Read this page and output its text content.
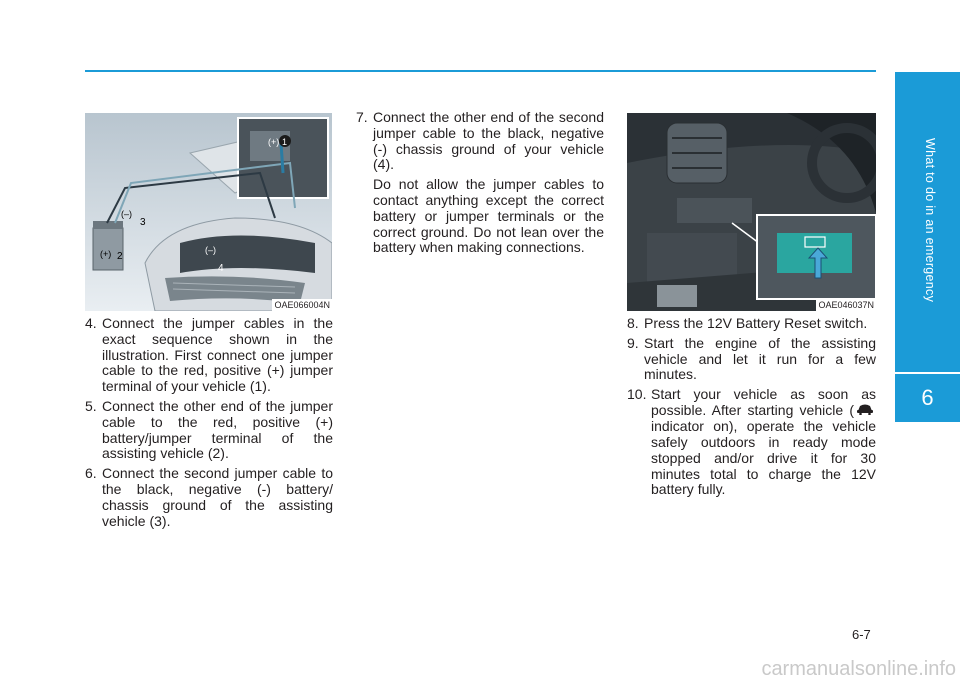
What to do in an emergency
6
1
(+)
(+) 2
(–)
3
(–)
4
OAE066004N	OAE046037N
4. Connect the jumper cables in the exact sequence shown in the illustration. First connect one jumper cable to the red, positive (+) jumper terminal of your vehicle (1).
5. Connect the other end of the jumper cable to the red, positive (+) battery/jumper terminal of the assisting vehicle (2).
6. Connect the second jumper cable to the black, negative (-) battery/ chassis ground of the assisting vehicle (3).
7. Connect the other end of the second jumper cable to the black, negative (-) chassis ground of your vehicle (4).
Do not allow the jumper cables to contact anything except the correct battery or jumper terminals or the correct ground. Do not lean over the battery when making connections.
8. Press the 12V Battery Reset switch.
9. Start the engine of the assisting vehicle and let it run for a few minutes.
10. Start your vehicle as soon as possible. After starting vehicle ( indicator on), operate the vehicle safely outdoors in ready mode stopped and/or drive it for 30 minutes total to charge the 12V battery fully.
6-7
carmanualsonline.info
